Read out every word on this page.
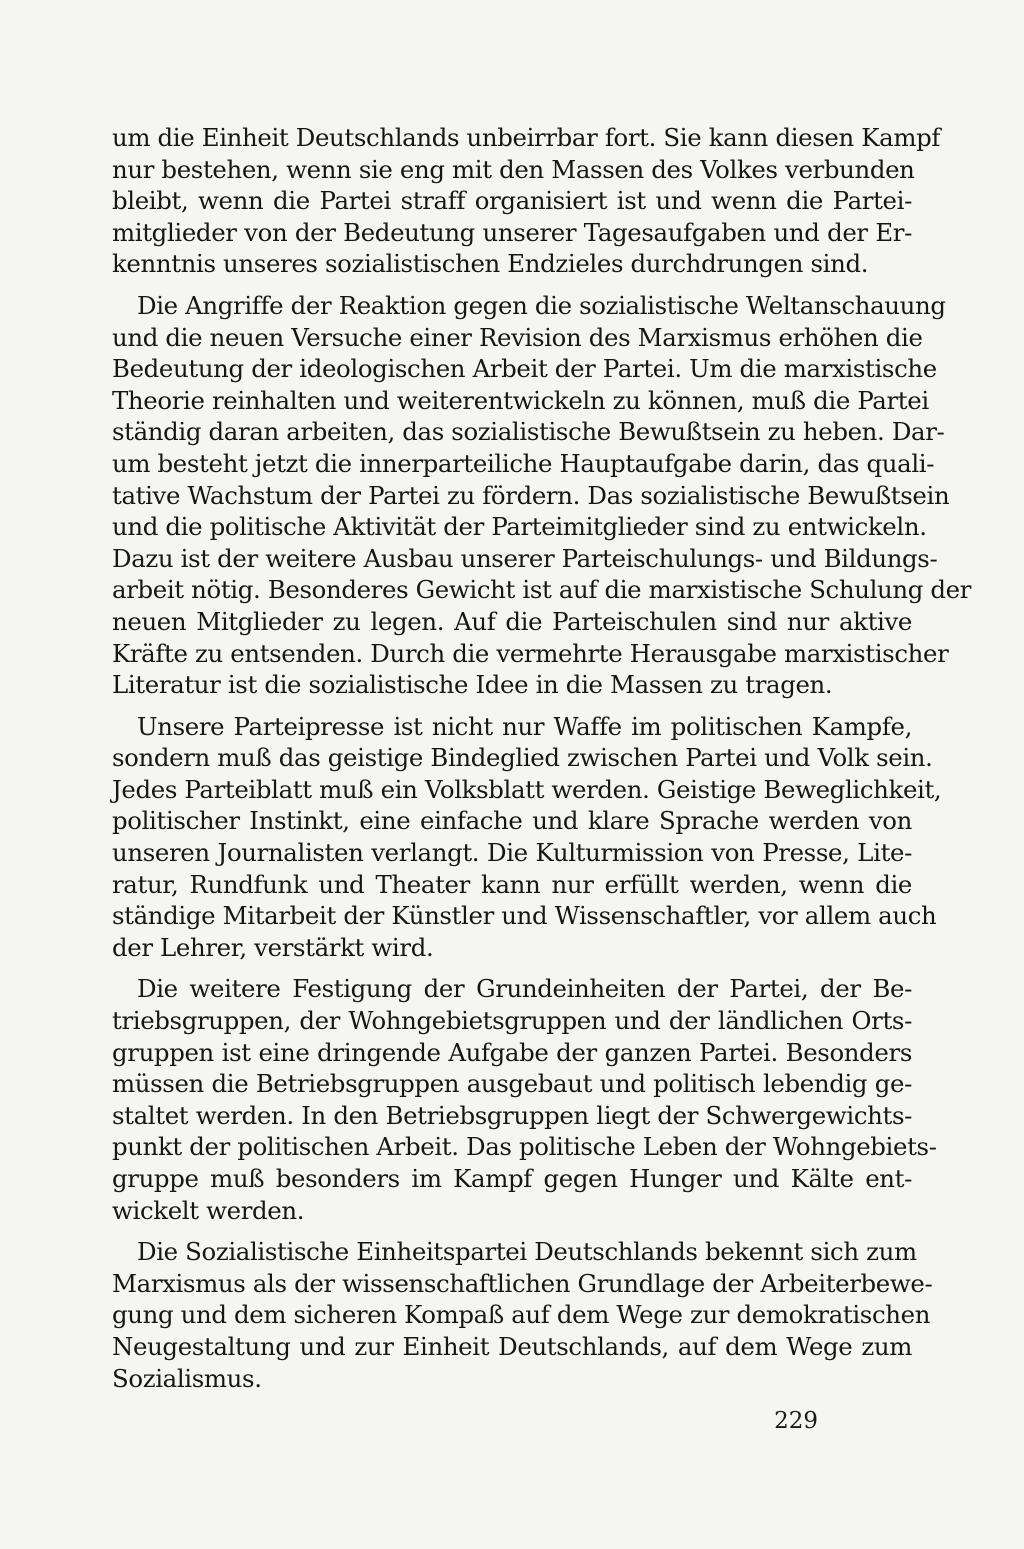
um die Einheit Deutschlands unbeirrbar fort. Sie kann diesen Kampf
nur bestehen, wenn sie eng mit den Massen des Volkes verbunden
bleibt, wenn die Partei straff organisiert ist und wenn die Partei-
mitglieder von der Bedeutung unserer Tagesaufgaben und der Er-
kenntnis unseres sozialistischen Endzieles durchdrungen sind.
Die Angriffe der Reaktion gegen die sozialistische Weltanschauung
und die neuen Versuche einer Revision des Marxismus erhöhen die
Bedeutung der ideologischen Arbeit der Partei. Um die marxistische
Theorie reinhalten und weiterentwickeln zu können, muß die Partei
ständig daran arbeiten, das sozialistische Bewußtsein zu heben. Dar-
um besteht jetzt die innerparteiliche Hauptaufgabe darin, das quali-
tative Wachstum der Partei zu fördern. Das sozialistische Bewußtsein
und die politische Aktivität der Parteimitglieder sind zu entwickeln.
Dazu ist der weitere Ausbau unserer Parteischulungs- und Bildungs-
arbeit nötig. Besonderes Gewicht ist auf die marxistische Schulung der
neuen Mitglieder zu legen. Auf die Parteischulen sind nur aktive
Kräfte zu entsenden. Durch die vermehrte Herausgabe marxistischer
Literatur ist die sozialistische Idee in die Massen zu tragen.
Unsere Parteipresse ist nicht nur Waffe im politischen Kampfe,
sondern muß das geistige Bindeglied zwischen Partei und Volk sein.
Jedes Parteiblatt muß ein Volksblatt werden. Geistige Beweglichkeit,
politischer Instinkt, eine einfache und klare Sprache werden von
unseren Journalisten verlangt. Die Kulturmission von Presse, Lite-
ratur, Rundfunk und Theater kann nur erfüllt werden, wenn die
ständige Mitarbeit der Künstler und Wissenschaftler, vor allem auch
der Lehrer, verstärkt wird.
Die weitere Festigung der Grundeinheiten der Partei, der Be-
triebsgruppen, der Wohngebietsgruppen und der ländlichen Orts-
gruppen ist eine dringende Aufgabe der ganzen Partei. Besonders
müssen die Betriebsgruppen ausgebaut und politisch lebendig ge-
staltet werden. In den Betriebsgruppen liegt der Schwergewichts-
punkt der politischen Arbeit. Das politische Leben der Wohngebiets-
gruppe muß besonders im Kampf gegen Hunger und Kälte ent-
wickelt werden.
Die Sozialistische Einheitspartei Deutschlands bekennt sich zum
Marxismus als der wissenschaftlichen Grundlage der Arbeiterbewe-
gung und dem sicheren Kompaß auf dem Wege zur demokratischen
Neugestaltung und zur Einheit Deutschlands, auf dem Wege zum
Sozialismus.
229
